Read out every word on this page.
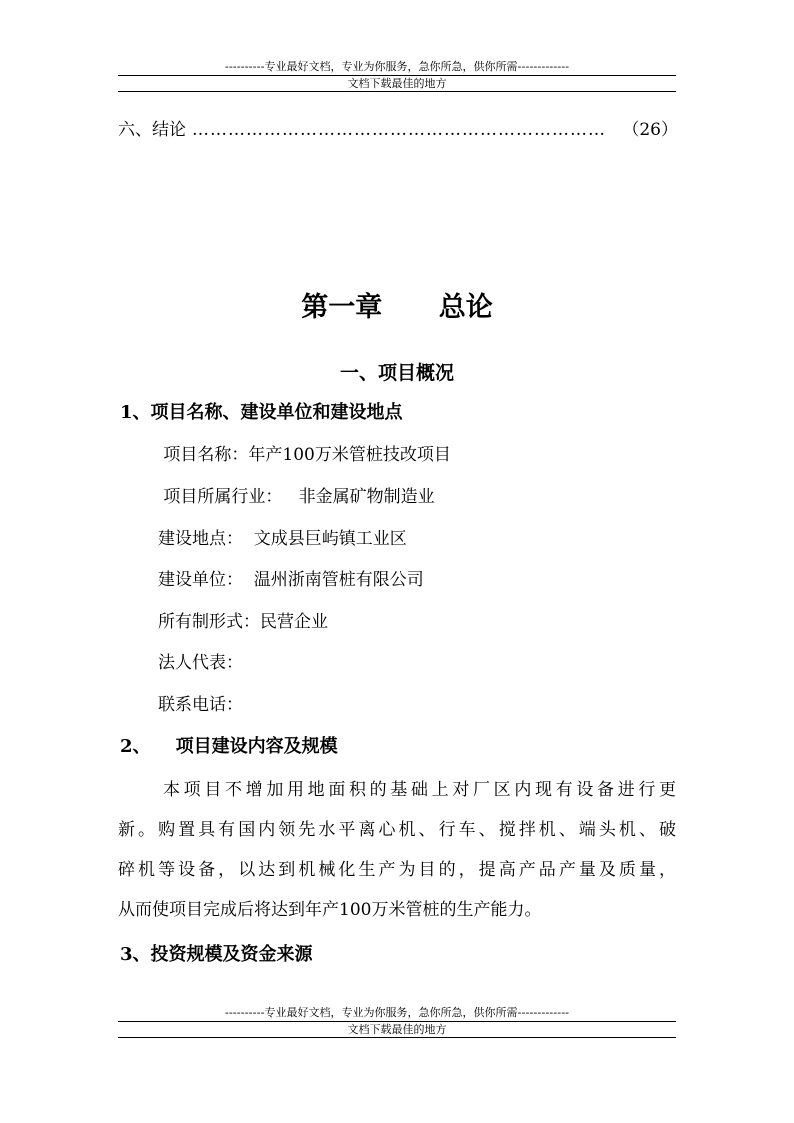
----------专业最好文档，专业为你服务，急你所急，供你所需-------------
文档下载最佳的地方
六、结论 …………………………………………………………… （26）
第一章      总论
一、项目概况
1、项目名称、建设单位和建设地点
项目名称：年产100万米管桩技改项目
项目所属行业：   非金属矿物制造业
建设地点：  文成县巨屿镇工业区
建设单位：  温州浙南管桩有限公司
所有制形式：民营企业
法人代表：
联系电话：
2、    项目建设内容及规模
本项目不增加用地面积的基础上对厂区内现有设备进行更
新。购置具有国内领先水平离心机、行车、搅拌机、端头机、破
碎机等设备，以达到机械化生产为目的，提高产品产量及质量，
从而使项目完成后将达到年产100万米管桩的生产能力。
3、投资规模及资金来源
----------专业最好文档，专业为你服务，急你所急，供你所需-------------
文档下载最佳的地方
